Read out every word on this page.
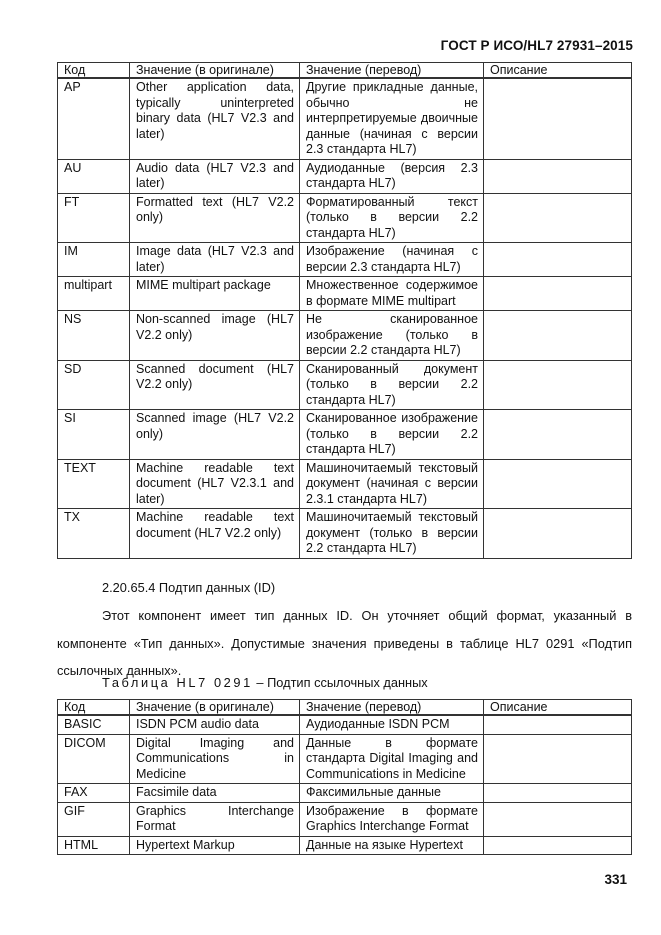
ГОСТ Р ИСО/HL7 27931–2015
Код	Значение (в оригинале)	Значение (перевод)	Описание
AP	Other application data, typically uninterpreted binary data (HL7 V2.3 and later)	Другие прикладные данные, обычно не интерпретируемые двоичные данные (начиная с версии 2.3 стандарта HL7)	
AU	Audio data (HL7 V2.3 and later)	Аудиоданные (версия 2.3 стандарта HL7)	
FT	Formatted text (HL7 V2.2 only)	Форматированный текст (только в версии 2.2 стандарта HL7)	
IM	Image data (HL7 V2.3 and later)	Изображение (начиная с версии 2.3 стандарта HL7)	
multipart	MIME multipart package	Множественное содержимое в формате MIME multipart	
NS	Non-scanned image (HL7 V2.2 only)	Не сканированное изображение (только в версии 2.2 стандарта HL7)	
SD	Scanned document (HL7 V2.2 only)	Сканированный документ (только в версии 2.2 стандарта HL7)	
SI	Scanned image (HL7 V2.2 only)	Сканированное изображение (только в версии 2.2 стандарта HL7)	
TEXT	Machine readable text document (HL7 V2.3.1 and later)	Машиночитаемый текстовый документ (начиная с версии 2.3.1 стандарта HL7)	
TX	Machine readable text document (HL7 V2.2 only)	Машиночитаемый текстовый документ (только в версии 2.2 стандарта HL7)	
2.20.65.4 Подтип данных (ID)
Этот компонент имеет тип данных ID. Он уточняет общий формат, указанный в компоненте «Тип данных». Допустимые значения приведены в таблице HL7 0291 «Подтип ссылочных данных».
Таблица HL7 0291 – Подтип ссылочных данных
Код	Значение (в оригинале)	Значение (перевод)	Описание
BASIC	ISDN PCM audio data	Аудиоданные ISDN PCM	
DICOM	Digital Imaging and Communications in Medicine	Данные в формате стандарта Digital Imaging and Communications in Medicine	
FAX	Facsimile data	Факсимильные данные	
GIF	Graphics Interchange Format	Изображение в формате Graphics Interchange Format	
HTML	Hypertext Markup	Данные на языке Hypertext	
331
